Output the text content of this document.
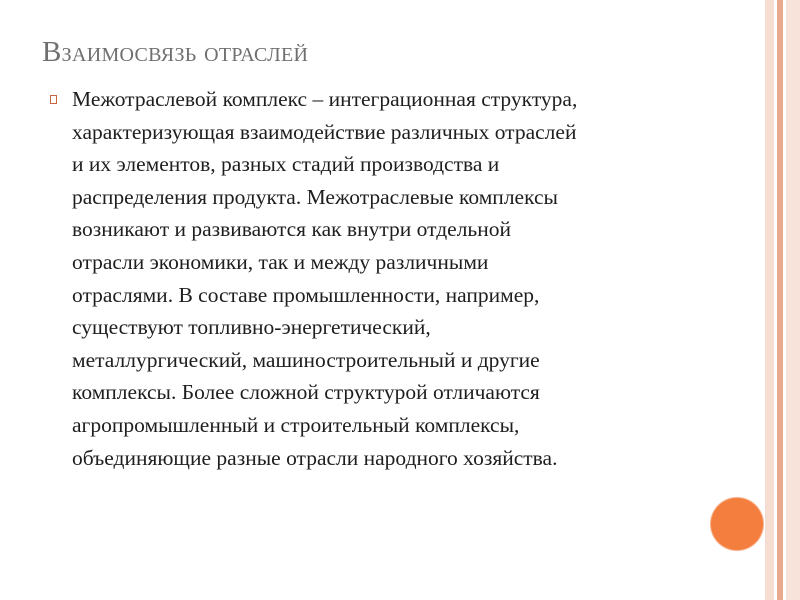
Взаимосвязь отраслей
Межотраслевой комплекс – интеграционная структура,
характеризующая взаимодействие различных отраслей
и их элементов, разных стадий производства и
распределения продукта. Межотраслевые комплексы
возникают и развиваются как внутри отдельной
отрасли экономики, так и между различными
отраслями. В составе промышленности, например,
существуют топливно-энергетический,
металлургический, машиностроительный и другие
комплексы. Более сложной структурой отличаются
агропромышленный и строительный комплексы,
объединяющие разные отрасли народного хозяйства.
